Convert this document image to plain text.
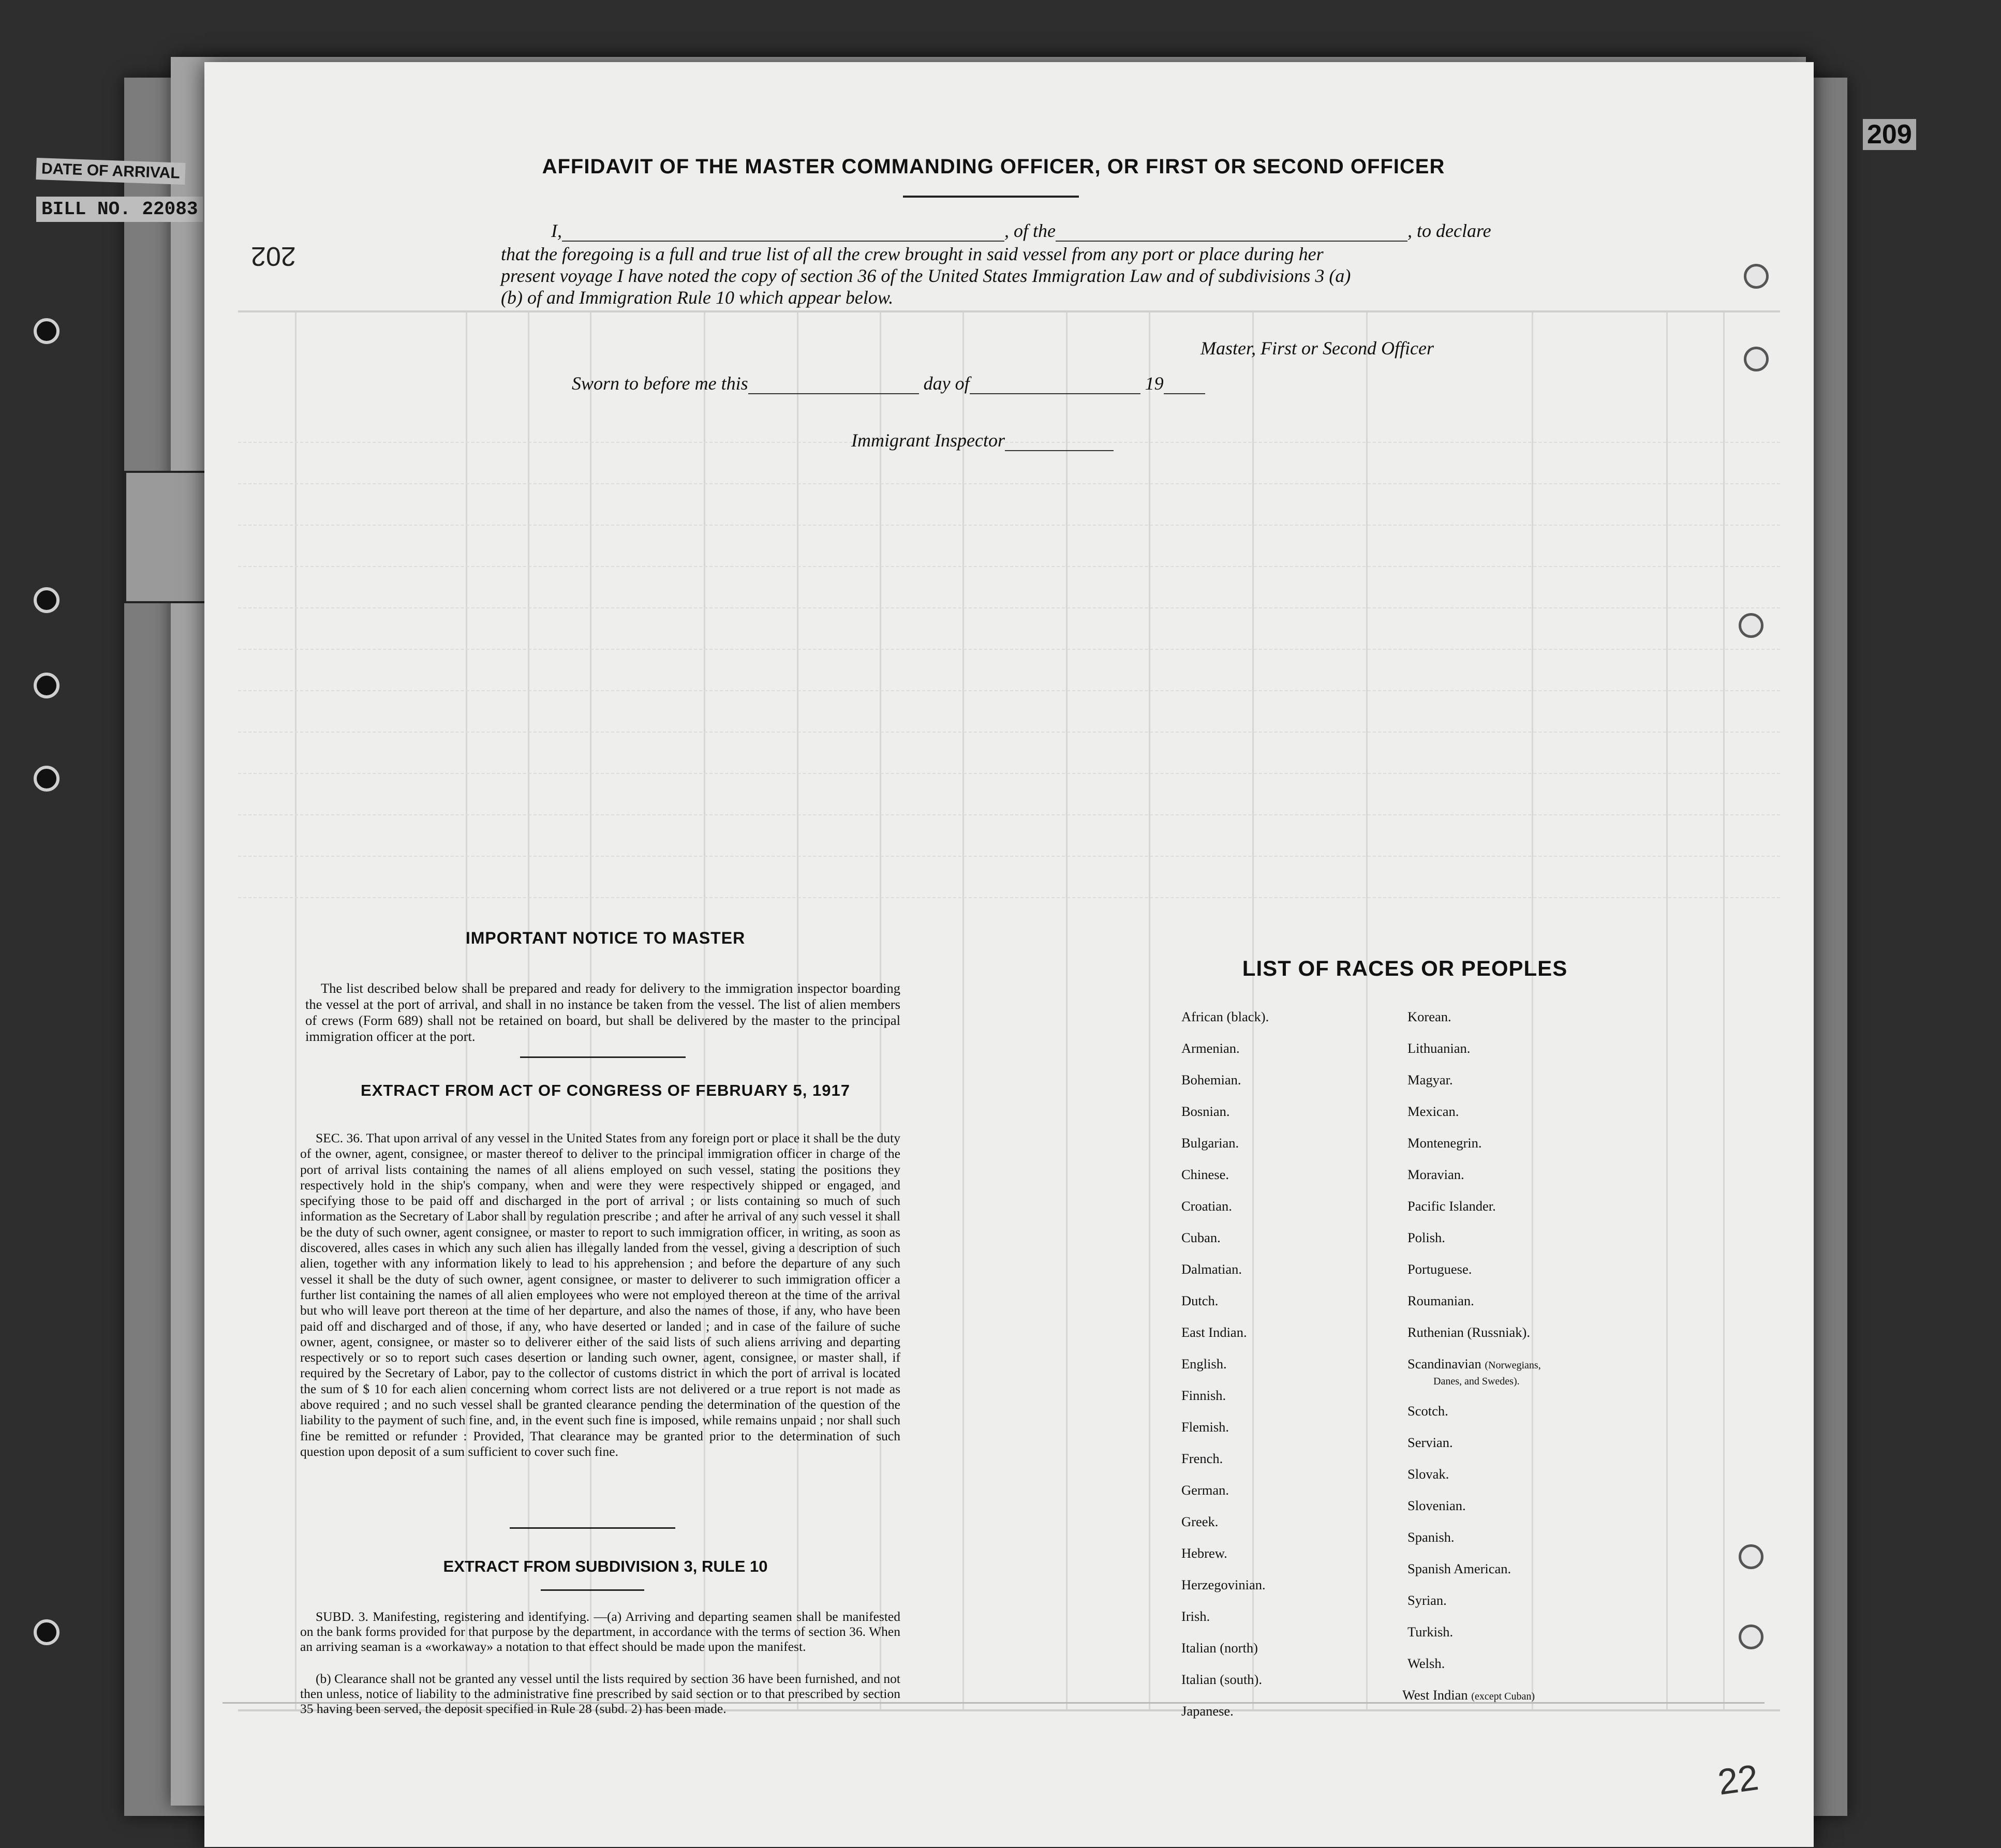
DATE OF ARRIVAL
BILL NO. 22083
209
202
AFFIDAVIT OF THE MASTER COMMANDING OFFICER, OR FIRST OR SECOND OFFICER
I,	, of the	, to declare
that the foregoing is a full and true list of all the crew brought in said vessel from any port or place during her
present voyage I have noted the copy of section 36 of the United States Immigration Law and of subdivisions 3 (a)
(b) of and Immigration Rule 10 which appear below.
Master, First or Second Officer
Sworn to before me this	day of	19
Immigrant Inspector
IMPORTANT NOTICE TO MASTER
The list described below shall be prepared and ready for delivery to the immigration inspector boarding the vessel at the port of arrival, and shall in no instance be taken from the vessel. The list of alien members of crews (Form 689) shall not be retained on board, but shall be delivered by the master to the principal immigration officer at the port.
EXTRACT FROM ACT OF CONGRESS OF FEBRUARY 5, 1917
SEC. 36. That upon arrival of any vessel in the United States from any foreign port or place it shall be the duty of the owner, agent, consignee, or master thereof to deliver to the principal immigration officer in charge of the port of arrival lists containing the names of all aliens employed on such vessel, stating the positions they respectively hold in the ship's company, when and were they were respectively shipped or engaged, and specifying those to be paid off and discharged in the port of arrival ; or lists containing so much of such information as the Secretary of Labor shall by regulation prescribe ; and after he arrival of any such vessel it shall be the duty of such owner, agent consignee, or master to report to such immigration officer, in writing, as soon as discovered, alles cases in which any such alien has illegally landed from the vessel, giving a description of such alien, together with any information likely to lead to his apprehension ; and before the departure of any such vessel it shall be the duty of such owner, agent consignee, or master to deliverer to such immigration officer a further list containing the names of all alien employees who were not employed thereon at the time of the arrival but who will leave port thereon at the time of her departure, and also the names of those, if any, who have been paid off and discharged and of those, if any, who have deserted or landed ; and in case of the failure of suche owner, agent, consignee, or master so to deliverer either of the said lists of such aliens arriving and departing respectively or so to report such cases desertion or landing such owner, agent, consignee, or master shall, if required by the Secretary of Labor, pay to the collector of customs district in which the port of arrival is located the sum of $ 10 for each alien concerning whom correct lists are not delivered or a true report is not made as above required ; and no such vessel shall be granted clearance pending the determination of the question of the liability to the payment of such fine, and, in the event such fine is imposed, while remains unpaid ; nor shall such fine be remitted or refunder : Provided, That clearance may be granted prior to the determination of such question upon deposit of a sum sufficient to cover such fine.
EXTRACT FROM SUBDIVISION 3, RULE 10
SUBD. 3. Manifesting, registering and identifying. —(a) Arriving and departing seamen shall be manifested on the bank forms provided for that purpose by the department, in accordance with the terms of section 36. When an arriving seaman is a «workaway» a notation to that effect should be made upon the manifest.
(b) Clearance shall not be granted any vessel until the lists required by section 36 have been furnished, and not then unless, notice of liability to the administrative fine prescribed by said section or to that prescribed by section 35 having been served, the deposit specified in Rule 28 (subd. 2) has been made.
LIST OF RACES OR PEOPLES
African (black).
Armenian.
Bohemian.
Bosnian.
Bulgarian.
Chinese.
Croatian.
Cuban.
Dalmatian.
Dutch.
East Indian.
English.
Finnish.
Flemish.
French.
German.
Greek.
Hebrew.
Herzegovinian.
Irish.
Italian (north)
Italian (south).
Japanese.
Korean.
Lithuanian.
Magyar.
Mexican.
Montenegrin.
Moravian.
Pacific Islander.
Polish.
Portuguese.
Roumanian.
Ruthenian (Russniak).
Scandinavian (Norwegians,
Danes, and Swedes).
Scotch.
Servian.
Slovak.
Slovenian.
Spanish.
Spanish American.
Syrian.
Turkish.
Welsh.
West Indian (except Cuban)
22
